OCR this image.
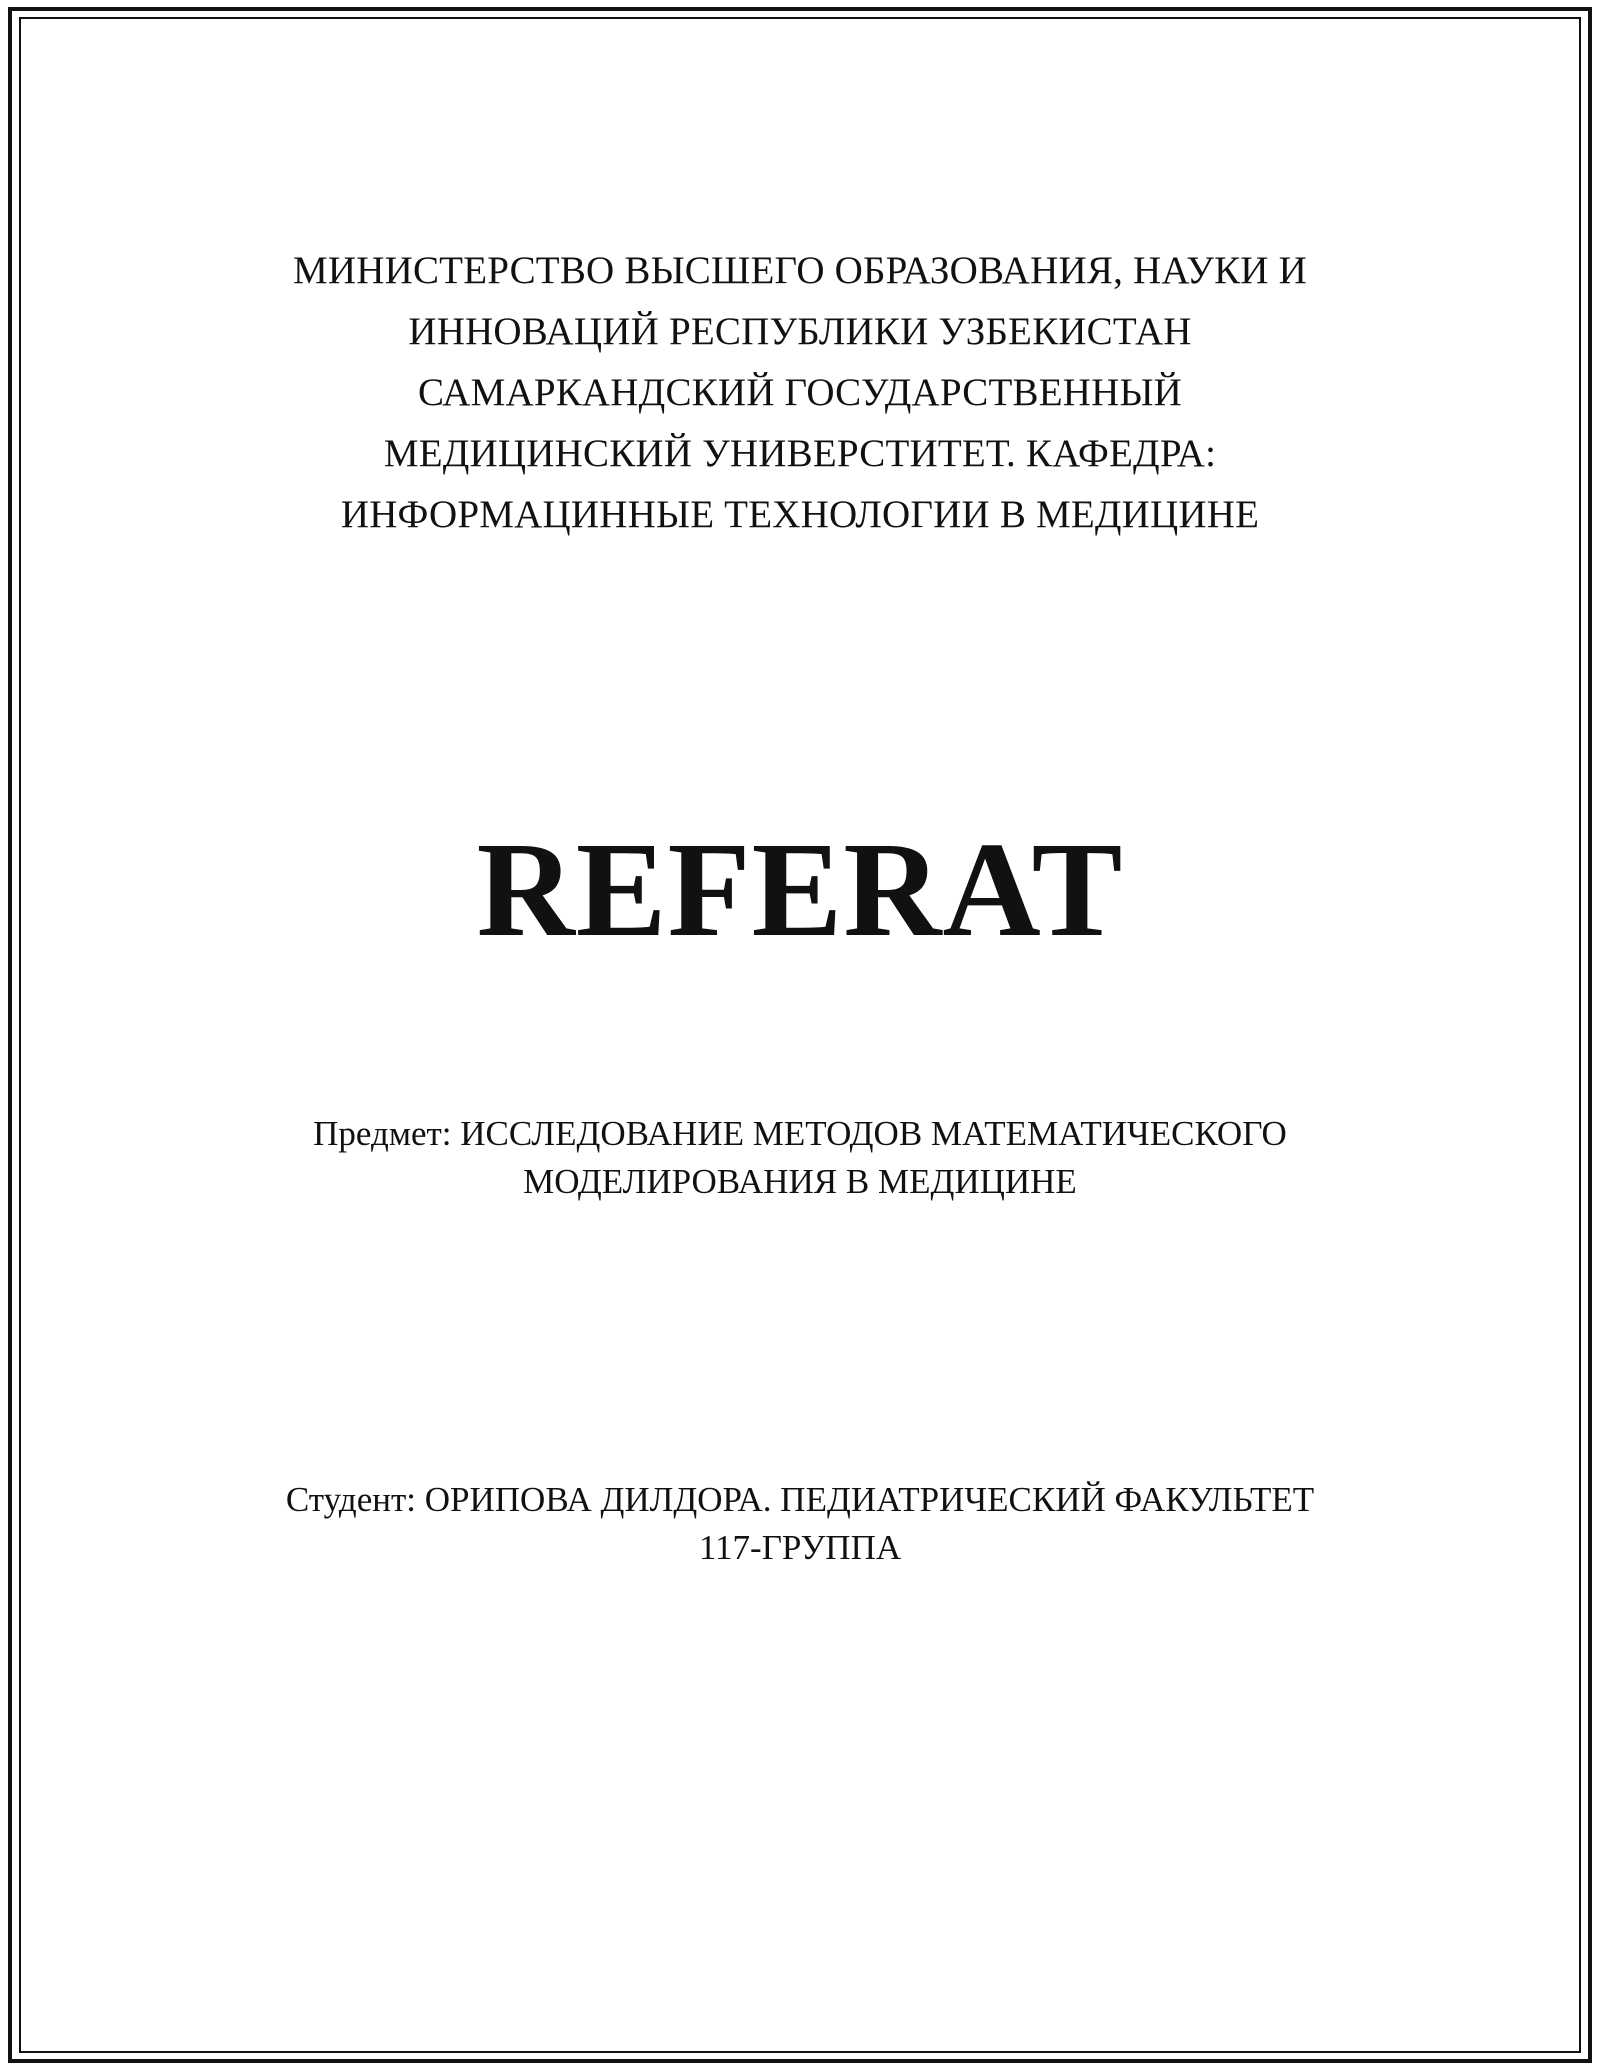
МИНИСТЕРСТВО ВЫСШЕГО ОБРАЗОВАНИЯ, НАУКИ И
ИННОВАЦИЙ РЕСПУБЛИКИ УЗБЕКИСТАН
САМАРКАНДСКИЙ ГОСУДАРСТВЕННЫЙ
МЕДИЦИНСКИЙ УНИВЕРСТИТЕТ. КАФЕДРА:
ИНФОРМАЦИННЫЕ ТЕХНОЛОГИИ В МЕДИЦИНЕ
REFERAT
Предмет: ИССЛЕДОВАНИЕ МЕТОДОВ МАТЕМАТИЧЕСКОГО
МОДЕЛИРОВАНИЯ В МЕДИЦИНЕ
Студент: ОРИПОВА ДИЛДОРА. ПЕДИАТРИЧЕСКИЙ ФАКУЛЬТЕТ
117-ГРУППА
